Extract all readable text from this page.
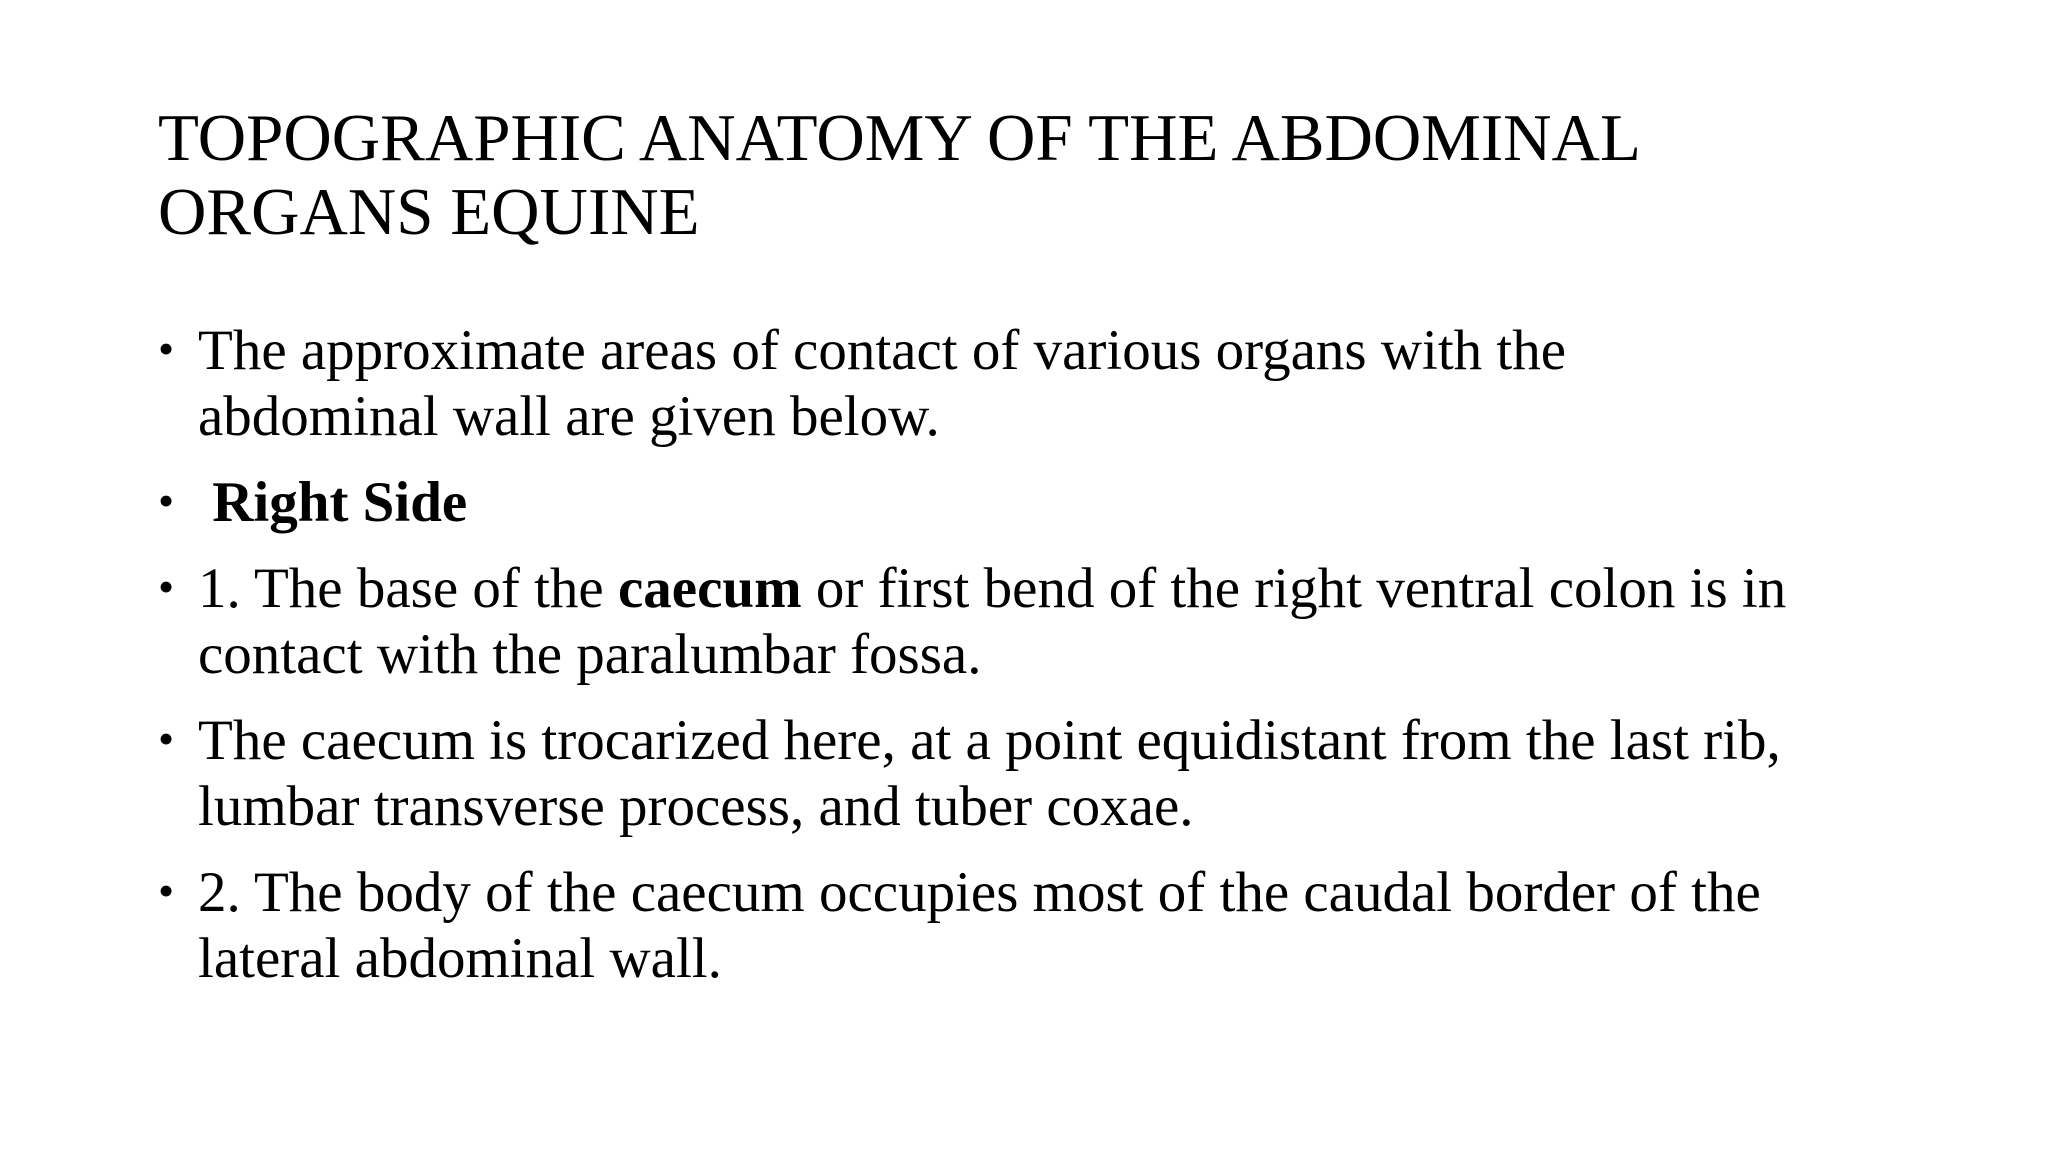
TOPOGRAPHIC ANATOMY OF THE ABDOMINAL
ORGANS EQUINE
• The approximate areas of contact of various organs with the
abdominal wall are given below.
• Right Side
• 1. The base of the caecum or first bend of the right ventral colon is in
contact with the paralumbar fossa.
• The caecum is trocarized here, at a point equidistant from the last rib,
lumbar transverse process, and tuber coxae.
• 2. The body of the caecum occupies most of the caudal border of the
lateral abdominal wall.
